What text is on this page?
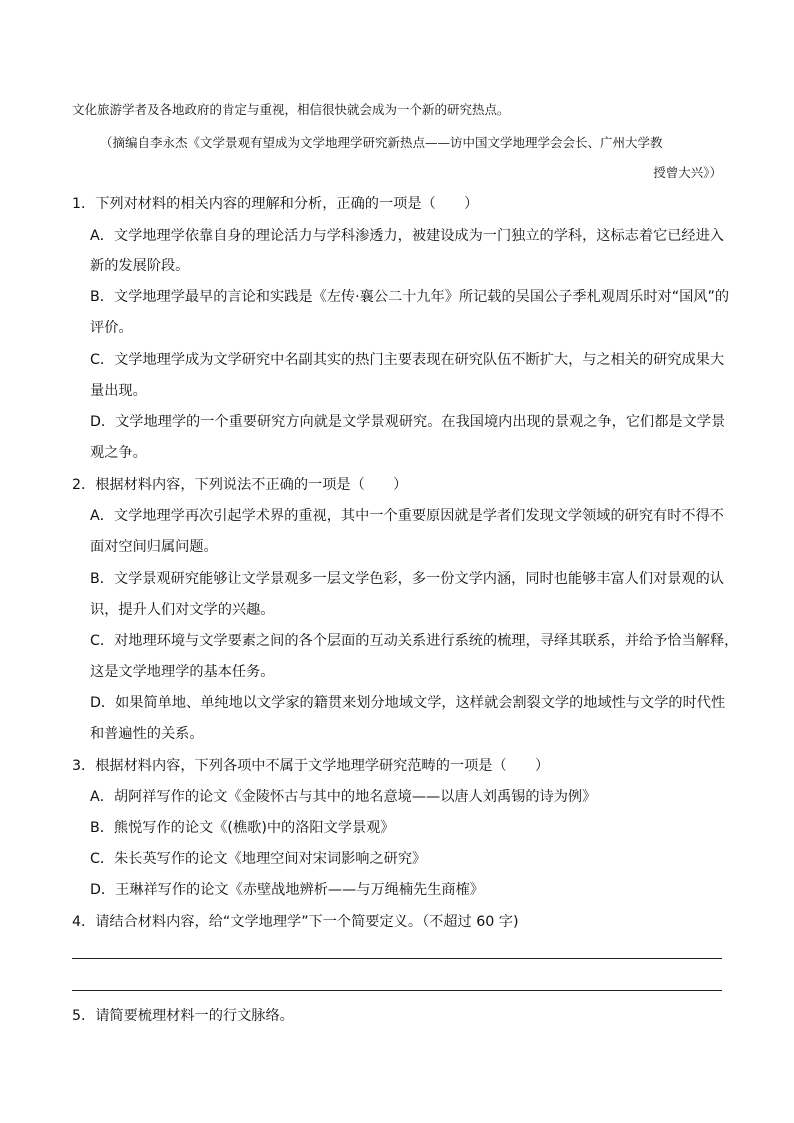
文化旅游学者及各地政府的肯定与重视，相信很快就会成为一个新的研究热点。
（摘编自李永杰《文学景观有望成为文学地理学研究新热点——访中国文学地理学会会长、广州大学教
授曾大兴》）
1．下列对材料的相关内容的理解和分析，正确的一项是（　　）
A．文学地理学依靠自身的理论活力与学科渗透力，被建设成为一门独立的学科，这标志着它已经进入
新的发展阶段。
B．文学地理学最早的言论和实践是《左传·襄公二十九年》所记载的吴国公子季札观周乐时对“国风”的
评价。
C．文学地理学成为文学研究中名副其实的热门主要表现在研究队伍不断扩大，与之相关的研究成果大
量出现。
D．文学地理学的一个重要研究方向就是文学景观研究。在我国境内出现的景观之争，它们都是文学景
观之争。
2．根据材料内容，下列说法不正确的一项是（　　）
A．文学地理学再次引起学术界的重视，其中一个重要原因就是学者们发现文学领域的研究有时不得不
面对空间归属问题。
B．文学景观研究能够让文学景观多一层文学色彩，多一份文学内涵，同时也能够丰富人们对景观的认
识，提升人们对文学的兴趣。
C．对地理环境与文学要素之间的各个层面的互动关系进行系统的梳理，寻绎其联系，并给予恰当解释，
这是文学地理学的基本任务。
D．如果简单地、单纯地以文学家的籍贯来划分地域文学，这样就会割裂文学的地域性与文学的时代性
和普遍性的关系。
3．根据材料内容，下列各项中不属于文学地理学研究范畴的一项是（　　）
A．胡阿祥写作的论文《金陵怀古与其中的地名意境——以唐人刘禹锡的诗为例》
B．熊悦写作的论文《(樵歌)中的洛阳文学景观》
C．朱长英写作的论文《地理空间对宋词影响之研究》
D．王琳祥写作的论文《赤壁战地辨析——与万绳楠先生商榷》
4．请结合材料内容，给“文学地理学”下一个简要定义。（不超过 60 字)
5．请简要梳理材料一的行文脉络。
